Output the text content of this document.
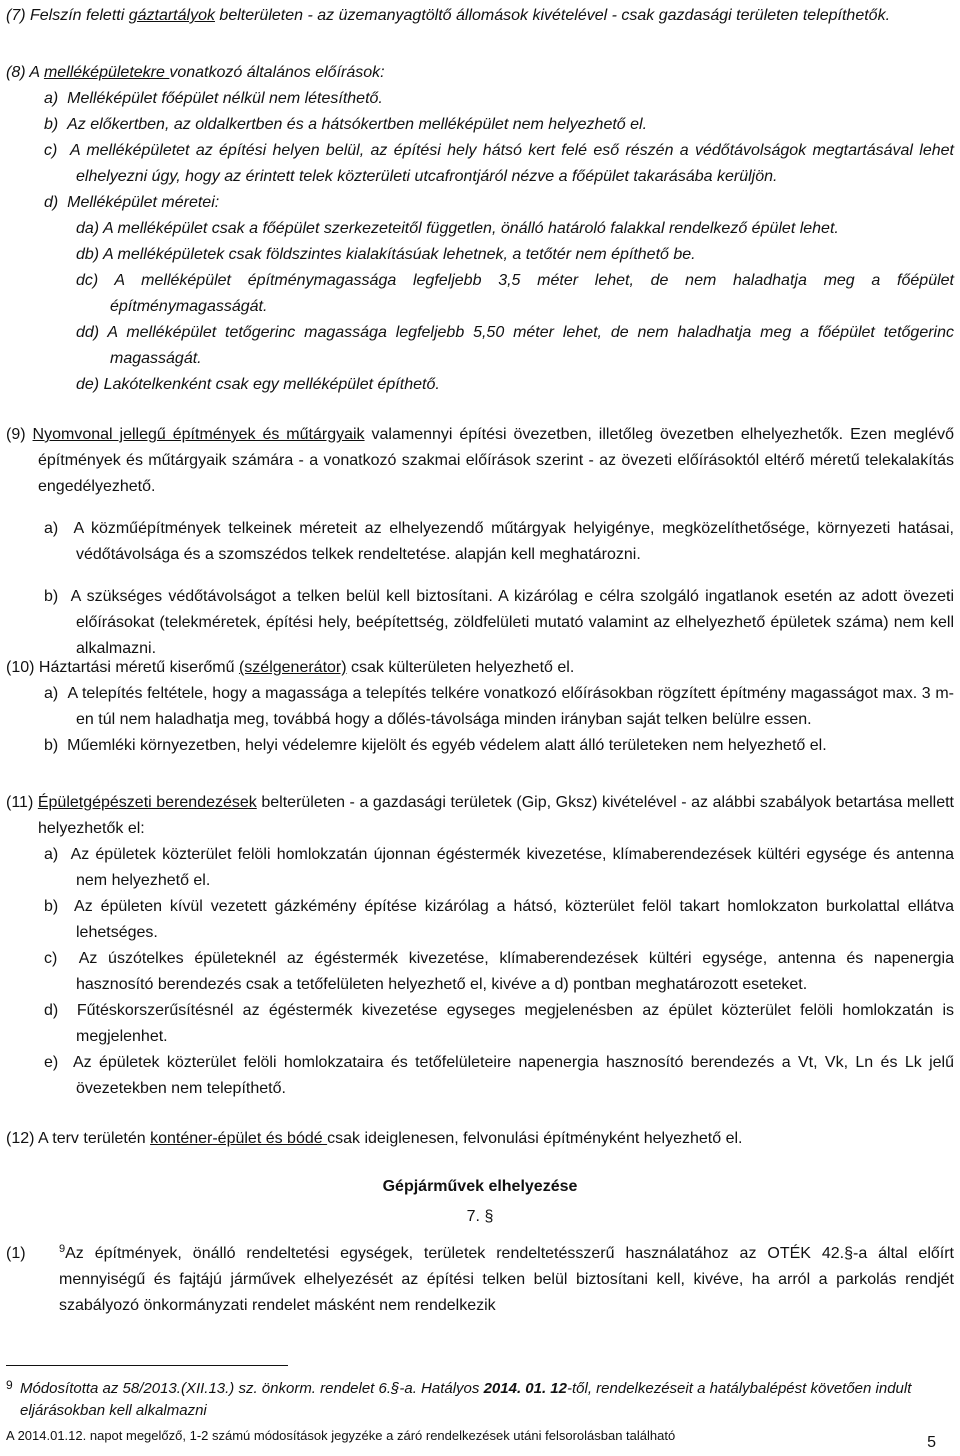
(7) Felszín feletti gáztartályok belterületen - az üzemanyagtöltő állomások kivételével - csak gazdasági területen telepíthetők.
(8) A melléképületekre vonatkozó általános előírások:
a)  Melléképület főépület nélkül nem létesíthető.
b)  Az előkertben, az oldalkertben és a hátsókertben melléképület nem helyezhető el.
c)  A melléképületet az építési helyen belül, az építési hely hátsó kert felé eső részén a védőtávolságok megtartásával lehet elhelyezni úgy, hogy az érintett telek közterületi utcafrontjáról nézve a főépület takarásába kerüljön.
d)  Melléképület méretei:
da) A melléképület csak a főépület szerkezeteitől független, önálló határoló falakkal rendelkező épület lehet.
db) A melléképületek csak földszintes kialakításúak lehetnek, a tetőtér nem építhető be.
dc) A melléképület építménymagassága legfeljebb 3,5 méter lehet, de nem haladhatja meg a főépület építménymagasságát.
dd) A melléképület tetőgerinc magassága legfeljebb 5,50 méter lehet, de nem haladhatja meg a főépület tetőgerinc magasságát.
de) Lakótelkenként csak egy melléképület építhető.
(9) Nyomvonal jellegű építmények és műtárgyaik valamennyi építési övezetben, illetőleg övezetben elhelyezhetők. Ezen meglévő építmények és műtárgyaik számára - a vonatkozó szakmai előírások szerint - az övezeti előírásoktól eltérő méretű telekalakítás engedélyezhető.
a)  A közműépítmények telkeinek méreteit az elhelyezendő műtárgyak helyigénye, megközelíthetősége, környezeti hatásai, védőtávolsága és a szomszédos telkek rendeltetése. alapján kell meghatározni.
b)  A szükséges védőtávolságot a telken belül kell biztosítani. A kizárólag e célra szolgáló ingatlanok esetén az adott övezeti előírásokat (telekméretek, építési hely, beépítettség, zöldfelületi mutató valamint az elhelyezhető épületek száma) nem kell alkalmazni.
(10) Háztartási méretű kiserőmű (szélgenerátor) csak külterületen helyezhető el.
a)  A telepítés feltétele, hogy a magassága a telepítés telkére vonatkozó előírásokban rögzített építmény magasságot max. 3 m-en túl nem haladhatja meg, továbbá hogy a dőlés-távolsága minden irányban saját telken belülre essen.
b)  Műemléki környezetben, helyi védelemre kijelölt és egyéb védelem alatt álló területeken nem helyezhető el.
(11) Épületgépészeti berendezések belterületen - a gazdasági területek (Gip, Gksz) kivételével - az alábbi szabályok betartása mellett helyezhetők el:
a)  Az épületek közterület felöli homlokzatán újonnan égéstermék kivezetése, klímaberendezések kültéri egysége és antenna nem helyezhető el.
b)  Az épületen kívül vezetett gázkémény építése kizárólag a hátsó, közterület felöl takart homlokzaton burkolattal ellátva lehetséges.
c)  Az úszótelkes épületeknél az égéstermék kivezetése, klímaberendezések kültéri egysége, antenna és napenergia hasznosító berendezés csak a tetőfelületen helyezhető el, kivéve a d) pontban meghatározott eseteket.
d)  Fűtéskorszerűsítésnél az égéstermék kivezetése egyseges megjelenésben az épület közterület felöli homlokzatán is megjelenhet.
e)  Az épületek közterület felöli homlokzataira és tetőfelületeire napenergia hasznosító berendezés a Vt, Vk, Ln és Lk jelű övezetekben nem telepíthető.
(12) A terv területén konténer-épület és bódé csak ideiglenesen, felvonulási építményként helyezhető el.
Gépjárművek elhelyezése
7. §
(1)	$^9$Az építmények, önálló rendeltetési egységek, területek rendeltetésszerű használatához az OTÉK 42.§-a által előírt mennyiségű és fajtájú járművek elhelyezését az építési telken belül biztosítani kell, kivéve, ha arról a parkolás rendjét szabályozó önkormányzati rendelet másként nem rendelkezik
9 Módosította az 58/2013.(XII.13.) sz. önkorm. rendelet 6.§-a. Hatályos 2014. 01. 12-től, rendelkezéseit a hatálybalépést követően indult eljárásokban kell alkalmazni
A 2014.01.12. napot megelőző, 1-2 számú módosítások jegyzéke a záró rendelkezések utáni felsorolásban található	5
